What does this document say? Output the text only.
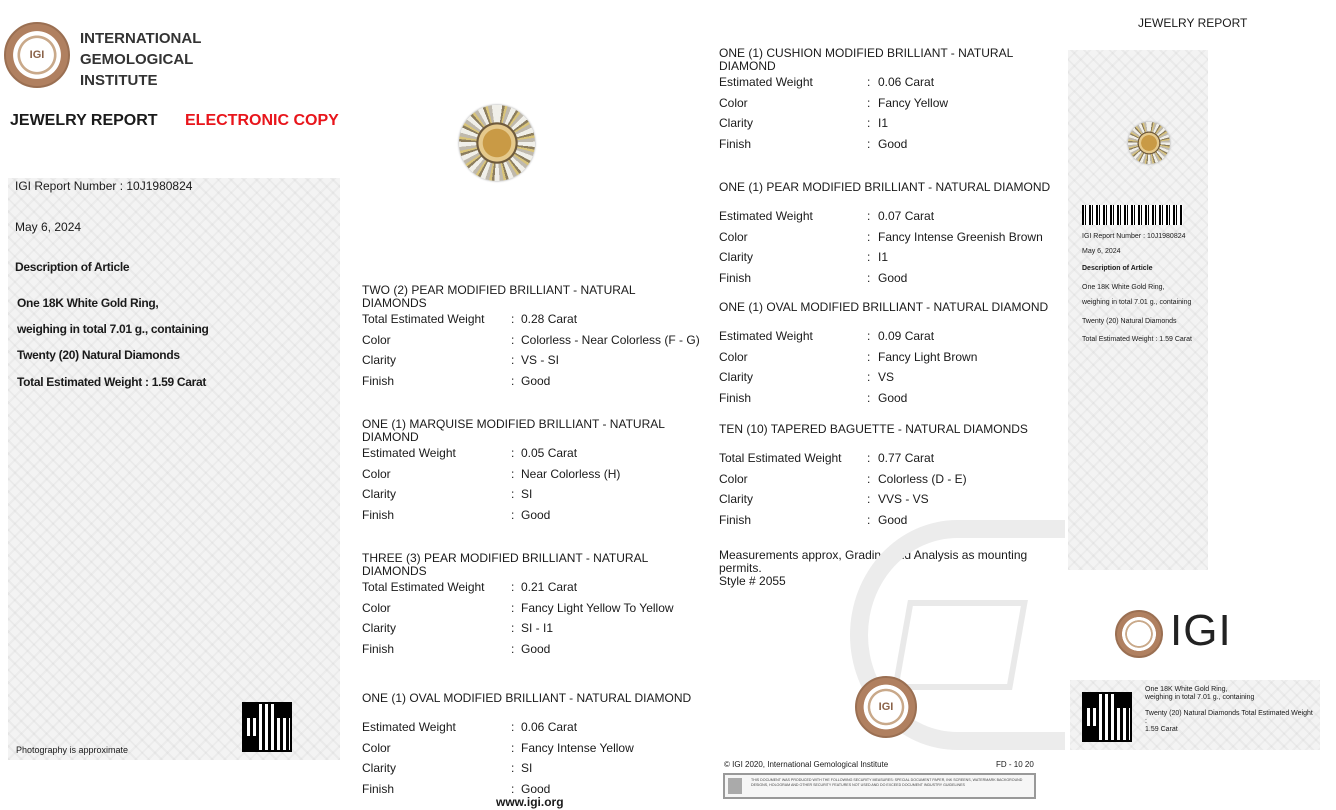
IGI
INTERNATIONAL
GEMOLOGICAL
INSTITUTE
JEWELRY REPORT ELECTRONIC COPY
IGI Report Number : 10J1980824
May 6, 2024
Description of Article
One 18K White Gold Ring,
weighing in total 7.01 g., containing
Twenty (20) Natural Diamonds
Total Estimated Weight : 1.59 Carat
Photography is approximate
TWO (2) PEAR MODIFIED BRILLIANT - NATURAL DIAMONDS
Total Estimated Weight : 0.28 Carat
Color	: Colorless - Near Colorless (F - G)
Clarity	: VS - SI
Finish	: Good
ONE (1) MARQUISE MODIFIED BRILLIANT - NATURAL DIAMOND
Estimated Weight	: 0.05 Carat
Color	: Near Colorless (H)
Clarity	: SI
Finish	: Good
THREE (3) PEAR MODIFIED BRILLIANT - NATURAL DIAMONDS
Total Estimated Weight : 0.21 Carat
Color	: Fancy Light Yellow To Yellow
Clarity	: SI - I1
Finish	: Good
ONE (1) OVAL MODIFIED BRILLIANT - NATURAL DIAMOND
Estimated Weight	: 0.06 Carat
Color	: Fancy Intense Yellow
Clarity	: SI
Finish	: Good
www.igi.org
ONE (1) CUSHION MODIFIED BRILLIANT - NATURAL DIAMOND
Estimated Weight	: 0.06 Carat
Color	: Fancy Yellow
Clarity	: I1
Finish	: Good
ONE (1) PEAR MODIFIED BRILLIANT - NATURAL DIAMOND
Estimated Weight	: 0.07 Carat
Color	: Fancy Intense Greenish Brown
Clarity	: I1
Finish	: Good
ONE (1) OVAL MODIFIED BRILLIANT - NATURAL DIAMOND
Estimated Weight	: 0.09 Carat
Color	: Fancy Light Brown
Clarity	: VS
Finish	: Good
TEN (10) TAPERED BAGUETTE - NATURAL DIAMONDS
Total Estimated Weight : 0.77 Carat
Color	: Colorless (D - E)
Clarity	: VVS - VS
Finish	: Good
Measurements approx, Grading and Analysis as mounting
permits.
Style # 2055
IGI
© IGI 2020, International Gemological Institute	FD - 10 20
THIS DOCUMENT WAS PRODUCED WITH THE FOLLOWING SECURITY MEASURES: SPECIAL DOCUMENT PAPER, INK SCREENS, WATERMARK BACKGROUND DESIGNS, HOLOGRAM AND OTHER SECURITY FEATURES NOT USED AND DO EXCEED DOCUMENT INDUSTRY GUIDELINES
JEWELRY REPORT
IGI Report Number : 10J1980824
May 6, 2024
Description of Article
One 18K White Gold Ring,
weighing in total 7.01 g., containing
Twenty (20) Natural Diamonds
Total Estimated Weight : 1.59 Carat
IGI
One 18K White Gold Ring,
weighing in total 7.01 g., containing
Twenty (20) Natural Diamonds Total Estimated Weight :
1.59 Carat
